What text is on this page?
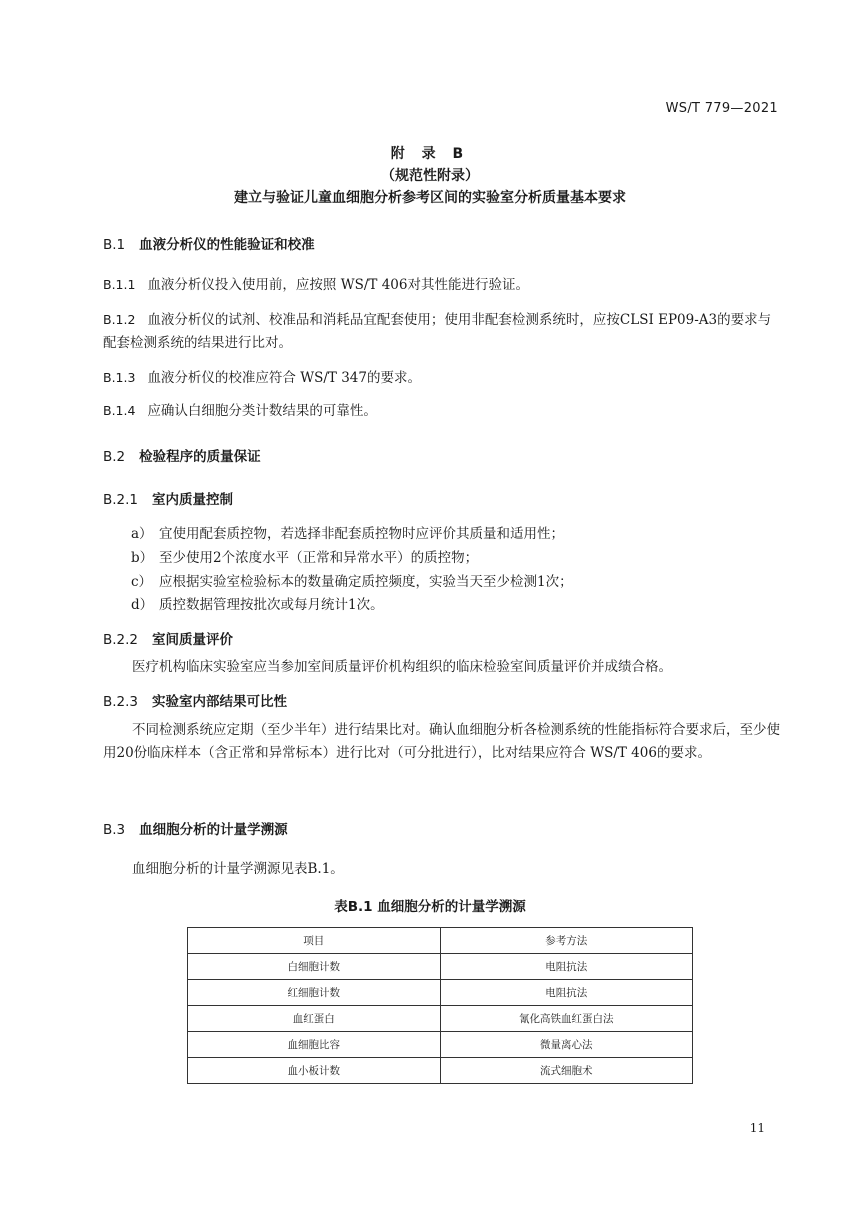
WS/T 779—2021
附 录 B
（规范性附录）
建立与验证儿童血细胞分析参考区间的实验室分析质量基本要求
B.1 血液分析仪的性能验证和校准
B.1.1 血液分析仪投入使用前，应按照 WS/T 406对其性能进行验证。
B.1.2 血液分析仪的试剂、校准品和消耗品宜配套使用；使用非配套检测系统时，应按CLSI EP09-A3的要求与配套检测系统的结果进行比对。
B.1.3 血液分析仪的校准应符合 WS/T 347的要求。
B.1.4 应确认白细胞分类计数结果的可靠性。
B.2 检验程序的质量保证
B.2.1 室内质量控制
a） 宜使用配套质控物，若选择非配套质控物时应评价其质量和适用性；
b） 至少使用2个浓度水平（正常和异常水平）的质控物；
c） 应根据实验室检验标本的数量确定质控频度，实验当天至少检测1次；
d） 质控数据管理按批次或每月统计1次。
B.2.2 室间质量评价
医疗机构临床实验室应当参加室间质量评价机构组织的临床检验室间质量评价并成绩合格。
B.2.3 实验室内部结果可比性
不同检测系统应定期（至少半年）进行结果比对。确认血细胞分析各检测系统的性能指标符合要求后，至少使用20份临床样本（含正常和异常标本）进行比对（可分批进行），比对结果应符合 WS/T 406的要求。
B.3 血细胞分析的计量学溯源
血细胞分析的计量学溯源见表B.1。
表B.1 血细胞分析的计量学溯源
项目	参考方法
白细胞计数	电阻抗法
红细胞计数	电阻抗法
血红蛋白	氰化高铁血红蛋白法
血细胞比容	微量离心法
血小板计数	流式细胞术
11
